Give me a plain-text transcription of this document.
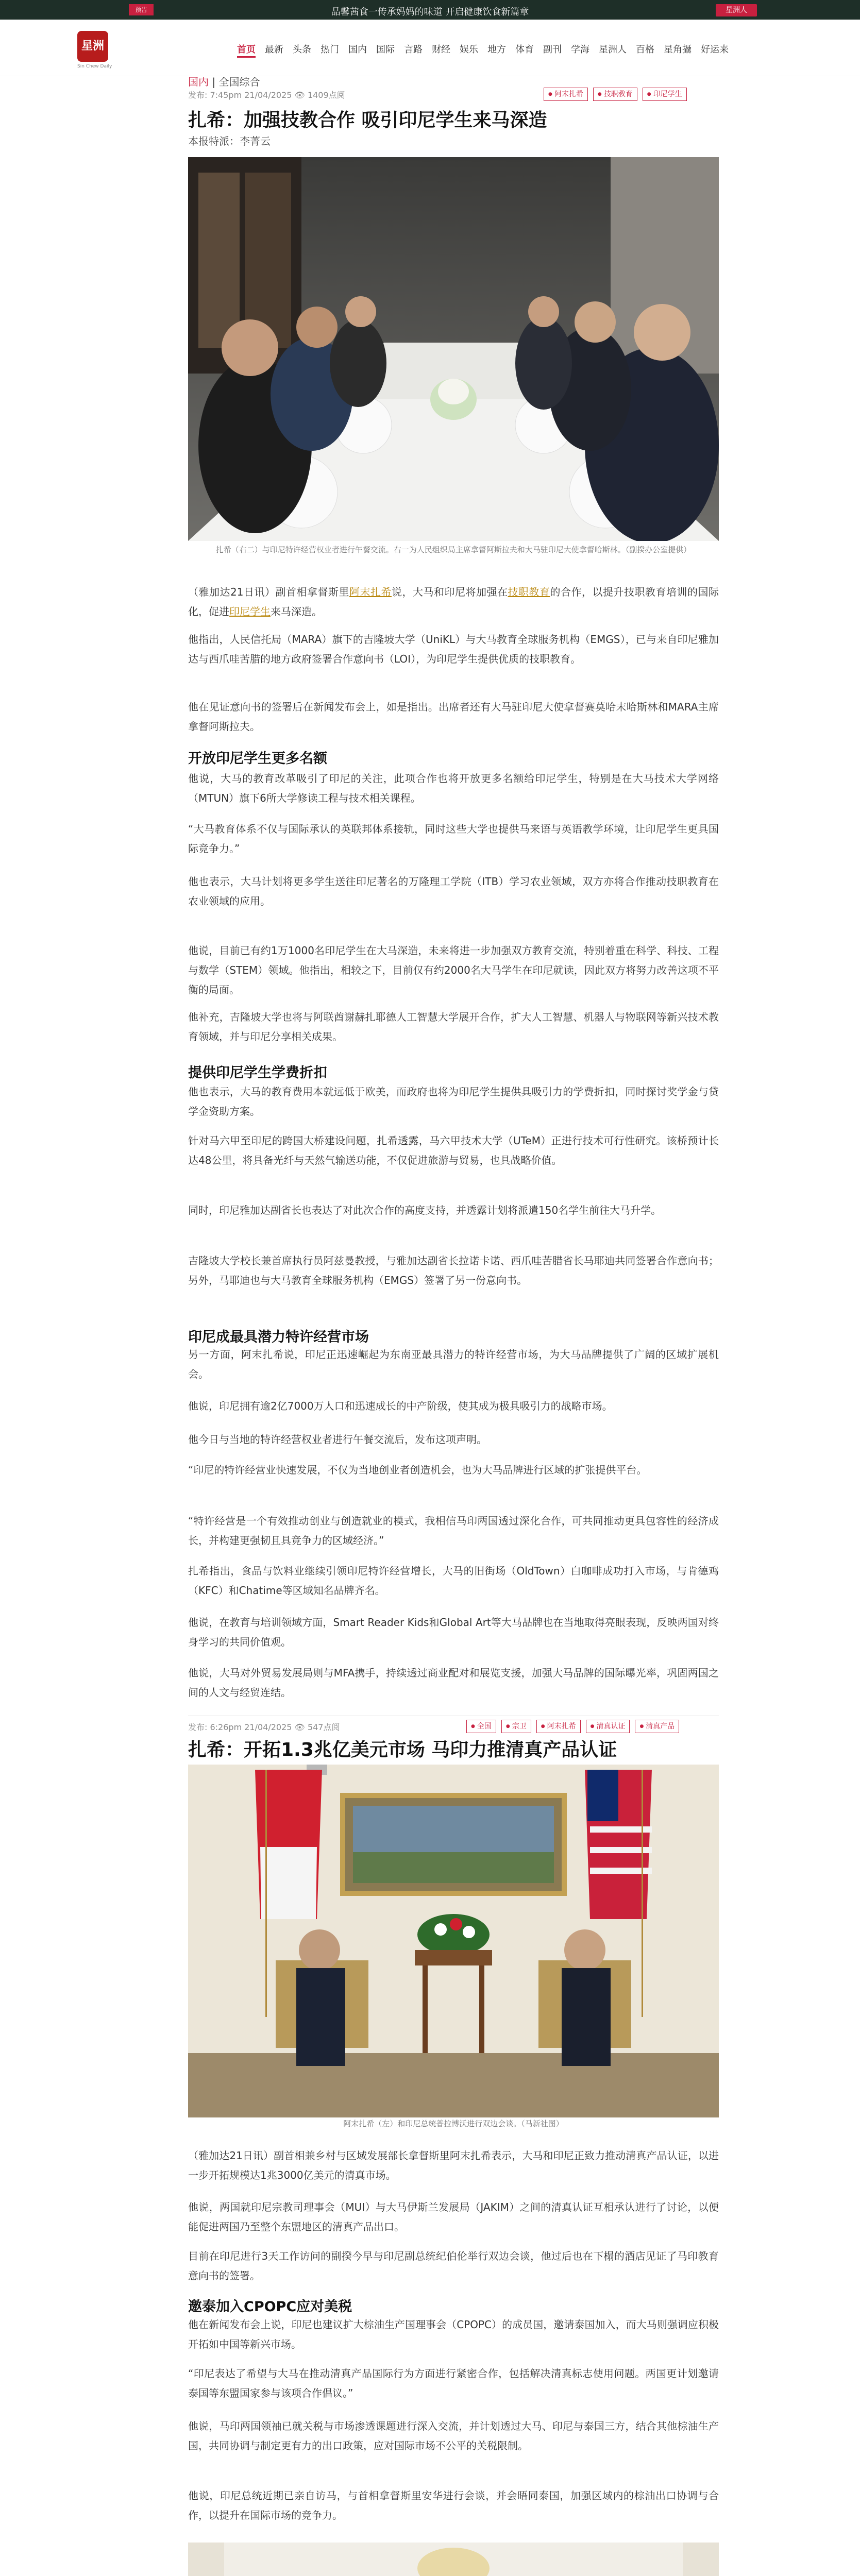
预告	品馨茜食一传承妈妈的味道 开启健康饮食新篇章	星洲人
星洲
Sin Chew Daily
首页 最新 头条 热门 国内 国际 言路 财经 娱乐 地方 体育 副刊 学海 星洲人 百格 星角攝 好运来
国内 | 全国综合
发布: 7:45pm 21/04/2025 👁 1409点阅	● 阿末扎希	● 技职教育	● 印尼学生
扎希：加强技教合作 吸引印尼学生来马深造
本报特派：李菁云
扎希（右二）与印尼特许经营权业者进行午餐交流。右一为人民组织局主席拿督阿斯拉夫和大马驻印尼大使拿督哈斯林。（副揆办公室提供）
（雅加达21日讯）副首相拿督斯里阿末扎希说，大马和印尼将加强在技职教育的合作，以提升技职教育培训的国际化，促进印尼学生来马深造。
他指出，人民信托局（MARA）旗下的吉隆坡大学（UniKL）与大马教育全球服务机构（EMGS），已与来自印尼雅加达与西爪哇苦腊的地方政府签署合作意向书（LOI），为印尼学生提供优质的技职教育。
他在见证意向书的签署后在新闻发布会上，如是指出。出席者还有大马驻印尼大使拿督赛莫哈末哈斯林和MARA主席拿督阿斯拉夫。
开放印尼学生更多名额
他说，大马的教育改革吸引了印尼的关注，此项合作也将开放更多名额给印尼学生，特别是在大马技术大学网络（MTUN）旗下6所大学修读工程与技术相关课程。
“大马教育体系不仅与国际承认的英联邦体系接轨，同时这些大学也提供马来语与英语教学环境，让印尼学生更具国际竞争力。”
他也表示，大马计划将更多学生送往印尼著名的万隆理工学院（ITB）学习农业领域，双方亦将合作推动技职教育在农业领域的应用。
他说，目前已有约1万1000名印尼学生在大马深造，未来将进一步加强双方教育交流，特别着重在科学、科技、工程与数学（STEM）领域。他指出，相较之下，目前仅有约2000名大马学生在印尼就读，因此双方将努力改善这项不平衡的局面。
他补充，吉隆坡大学也将与阿联酋谢赫扎耶德人工智慧大学展开合作，扩大人工智慧、机器人与物联网等新兴技术教育领域，并与印尼分享相关成果。
提供印尼学生学费折扣
他也表示，大马的教育费用本就远低于欧美，而政府也将为印尼学生提供具吸引力的学费折扣，同时探讨奖学金与贷学金资助方案。
针对马六甲至印尼的跨国大桥建设问题，扎希透露，马六甲技术大学（UTeM）正进行技术可行性研究。该桥预计长达48公里，将具备光纤与天然气输送功能，不仅促进旅游与贸易，也具战略价值。
同时，印尼雅加达副省长也表达了对此次合作的高度支持，并透露计划将派遣150名学生前往大马升学。
吉隆坡大学校长兼首席执行员阿兹曼教授，与雅加达副省长拉诺卡诺、西爪哇苦腊省长马耶迪共同签署合作意向书；另外，马耶迪也与大马教育全球服务机构（EMGS）签署了另一份意向书。
印尼成最具潜力特许经营市场
另一方面，阿末扎希说，印尼正迅速崛起为东南亚最具潜力的特许经营市场，为大马品牌提供了广阔的区域扩展机会。
他说，印尼拥有逾2亿7000万人口和迅速成长的中产阶级，使其成为极具吸引力的战略市场。
他今日与当地的特许经营权业者进行午餐交流后，发布这项声明。
“印尼的特许经营业快速发展，不仅为当地创业者创造机会，也为大马品牌进行区域的扩张提供平台。
“特许经营是一个有效推动创业与创造就业的模式，我相信马印两国透过深化合作，可共同推动更具包容性的经济成长，并构建更强韧且具竞争力的区域经济。”
扎希指出，食品与饮料业继续引领印尼特许经营增长，大马的旧街场（OldTown）白咖啡成功打入市场，与肯德鸡（KFC）和Chatime等区域知名品牌齐名。
他说，在教育与培训领域方面，Smart Reader Kids和Global Art等大马品牌也在当地取得亮眼表现，反映两国对终身学习的共同价值观。
他说，大马对外贸易发展局则与MFA携手，持续透过商业配对和展览支援，加强大马品牌的国际曝光率，巩固两国之间的人文与经贸连结。
发布: 6:26pm 21/04/2025 👁 547点阅	● 全国	● 宗卫	● 阿末扎希	● 清真认证	● 清真产品
扎希：开拓1.3兆亿美元市场 马印力推清真产品认证
阿末扎希（左）和印尼总统普拉博沃进行双边会谈。（马新社图）
（雅加达21日讯）副首相兼乡村与区域发展部长拿督斯里阿末扎希表示，大马和印尼正致力推动清真产品认证，以进一步开拓规模达1兆3000亿美元的清真市场。
他说，两国就印尼宗教司理事会（MUI）与大马伊斯兰发展局（JAKIM）之间的清真认证互相承认进行了讨论，以便能促进两国乃至整个东盟地区的清真产品出口。
目前在印尼进行3天工作访问的副揆今早与印尼副总统纪伯伦举行双边会谈，他过后也在下榻的酒店见证了马印教育意向书的签署。
邀泰加入CPOPC应对美税
他在新闻发布会上说，印尼也建议扩大棕油生产国理事会（CPOPC）的成员国，邀请泰国加入，而大马则强调应积极开拓如中国等新兴市场。
“印尼表达了希望与大马在推动清真产品国际行为方面进行紧密合作，包括解决清真标志使用问题。两国更计划邀请泰国等东盟国家参与该项合作倡议。”
他说，马印两国领袖已就关税与市场渗透课题进行深入交流，并计划透过大马、印尼与泰国三方，结合其他棕油生产国，共同协调与制定更有力的出口政策，应对国际市场不公平的关税限制。
他说，印尼总统近期已亲自访马，与首相拿督斯里安华进行会谈，并会晤同泰国，加强区域内的棕油出口协调与合作，以提升在国际市场的竞争力。
